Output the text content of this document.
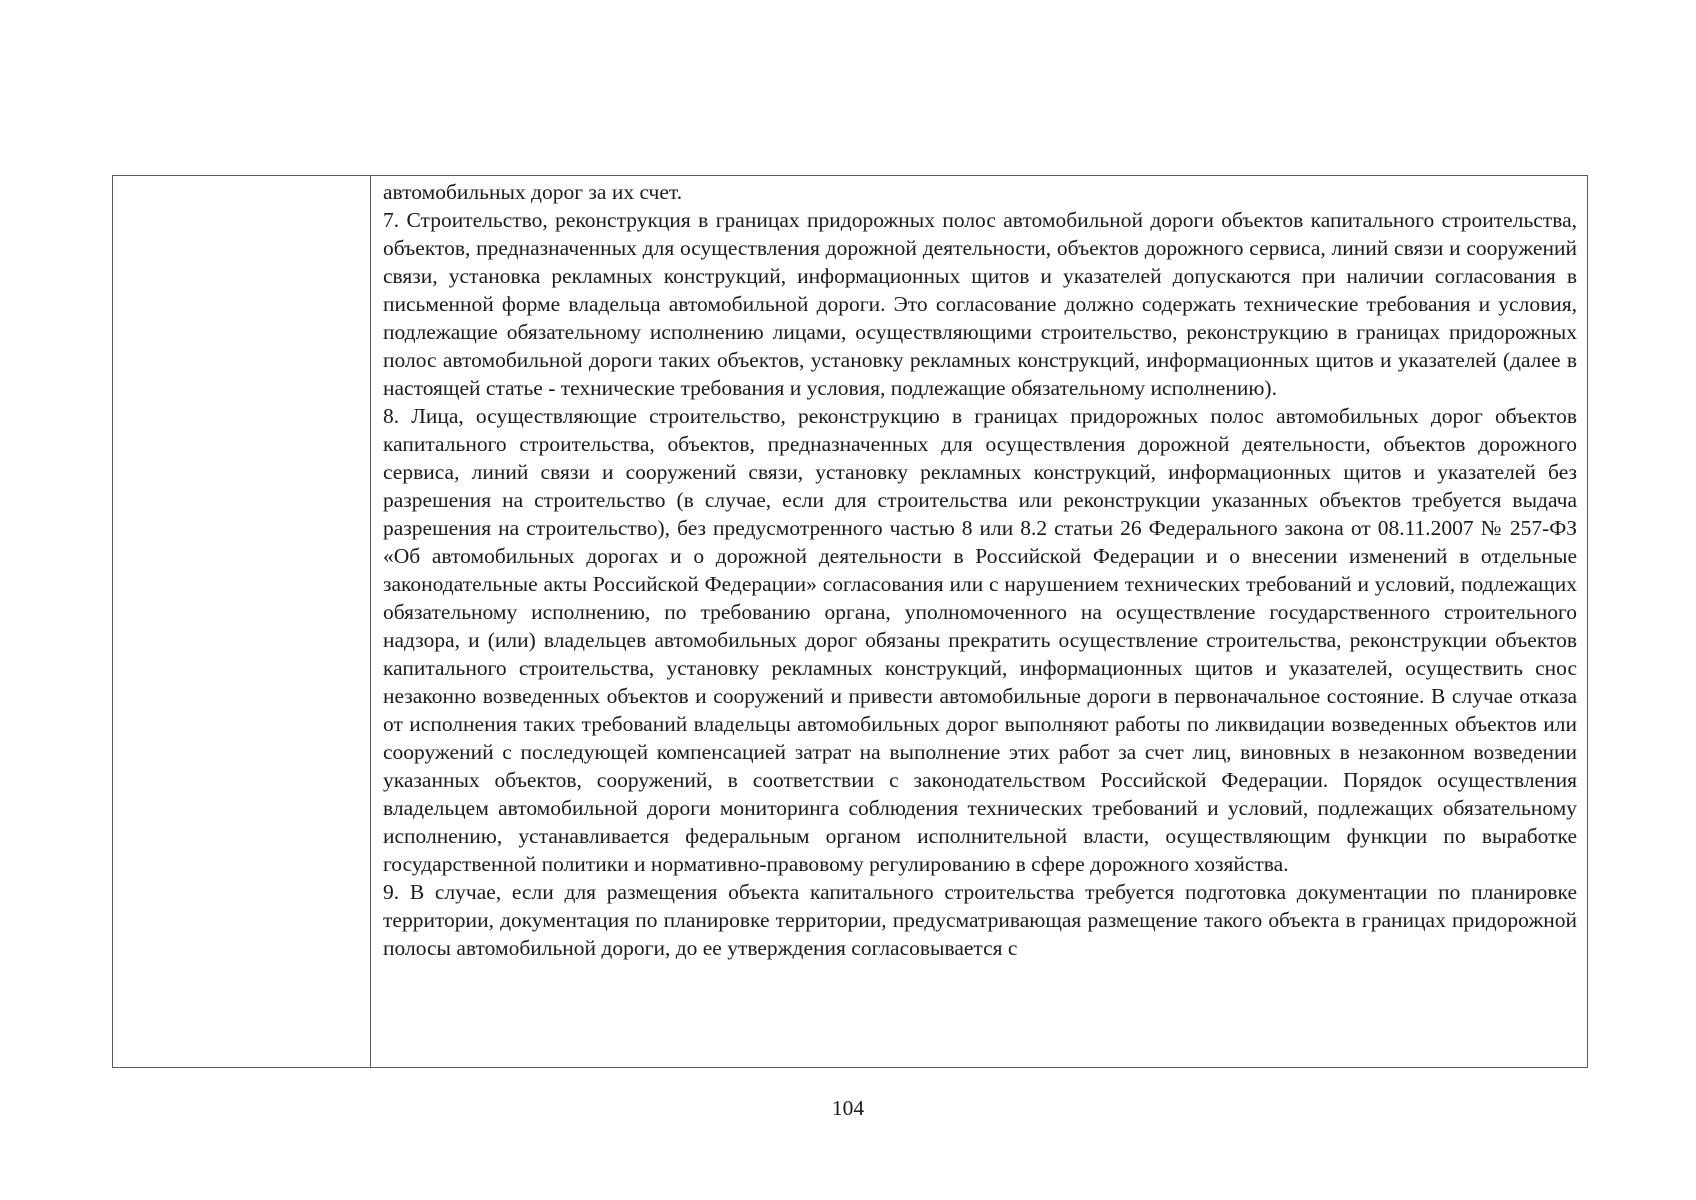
автомобильных дорог за их счет.

7. Строительство, реконструкция в границах придорожных полос автомобильной дороги объектов капитального строительства, объектов, предназначенных для осуществления дорожной деятельности, объектов дорожного сервиса, линий связи и сооружений связи, установка рекламных конструкций, информационных щитов и указателей допускаются при наличии согласования в письменной форме владельца автомобильной дороги. Это согласование должно содержать технические требования и условия, подлежащие обязательному исполнению лицами, осуществляющими строительство, реконструкцию в границах придорожных полос автомобильной дороги таких объектов, установку рекламных конструкций, информационных щитов и указателей (далее в настоящей статье - технические требования и условия, подлежащие обязательному исполнению).

8. Лица, осуществляющие строительство, реконструкцию в границах придорожных полос автомобильных дорог объектов капитального строительства, объектов, предназначенных для осуществления дорожной деятельности, объектов дорожного сервиса, линий связи и сооружений связи, установку рекламных конструкций, информационных щитов и указателей без разрешения на строительство (в случае, если для строительства или реконструкции указанных объектов требуется выдача разрешения на строительство), без предусмотренного частью 8 или 8.2 статьи 26 Федерального закона от 08.11.2007 № 257-ФЗ «Об автомобильных дорогах и о дорожной деятельности в Российской Федерации и о внесении изменений в отдельные законодательные акты Российской Федерации» согласования или с нарушением технических требований и условий, подлежащих обязательному исполнению, по требованию органа, уполномоченного на осуществление государственного строительного надзора, и (или) владельцев автомобильных дорог обязаны прекратить осуществление строительства, реконструкции объектов капитального строительства, установку рекламных конструкций, информационных щитов и указателей, осуществить снос незаконно возведенных объектов и сооружений и привести автомобильные дороги в первоначальное состояние. В случае отказа от исполнения таких требований владельцы автомобильных дорог выполняют работы по ликвидации возведенных объектов или сооружений с последующей компенсацией затрат на выполнение этих работ за счет лиц, виновных в незаконном возведении указанных объектов, сооружений, в соответствии с законодательством Российской Федерации. Порядок осуществления владельцем автомобильной дороги мониторинга соблюдения технических требований и условий, подлежащих обязательному исполнению, устанавливается федеральным органом исполнительной власти, осуществляющим функции по выработке государственной политики и нормативно-правовому регулированию в сфере дорожного хозяйства.

9. В случае, если для размещения объекта капитального строительства требуется подготовка документации по планировке территории, документация по планировке территории, предусматривающая размещение такого объекта в границах придорожной полосы автомобильной дороги, до ее утверждения согласовывается с

104
